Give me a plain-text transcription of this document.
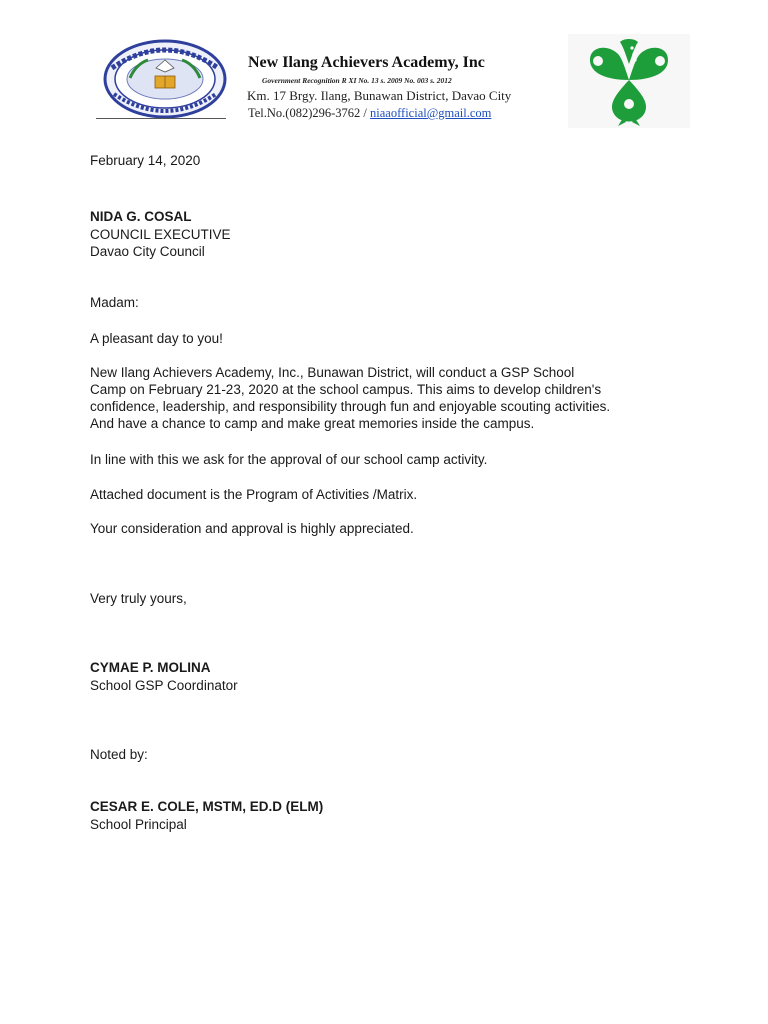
New Ilang Achievers Academy, Inc
Government Recognition R XI No. 13 s. 2009 No. 003 s. 2012
Km. 17 Brgy. Ilang, Bunawan District, Davao City
Tel.No.(082)296-3762 / niaaofficial@gmail.com
February 14, 2020
NIDA G. COSAL
COUNCIL EXECUTIVE
Davao City Council
Madam:
A pleasant day to you!
New Ilang Achievers Academy, Inc., Bunawan District, will conduct a GSP School
Camp on February 21-23, 2020 at the school campus. This aims to develop children's
confidence, leadership, and responsibility through fun and enjoyable scouting activities.
And have a chance to camp and make great memories inside the campus.
In line with this we ask for the approval of our school camp activity.
Attached document is the Program of Activities /Matrix.
Your consideration and approval is highly appreciated.
Very truly yours,
CYMAE P. MOLINA
School GSP Coordinator
Noted by:
CESAR E. COLE, MSTM, ED.D (ELM)
School Principal
